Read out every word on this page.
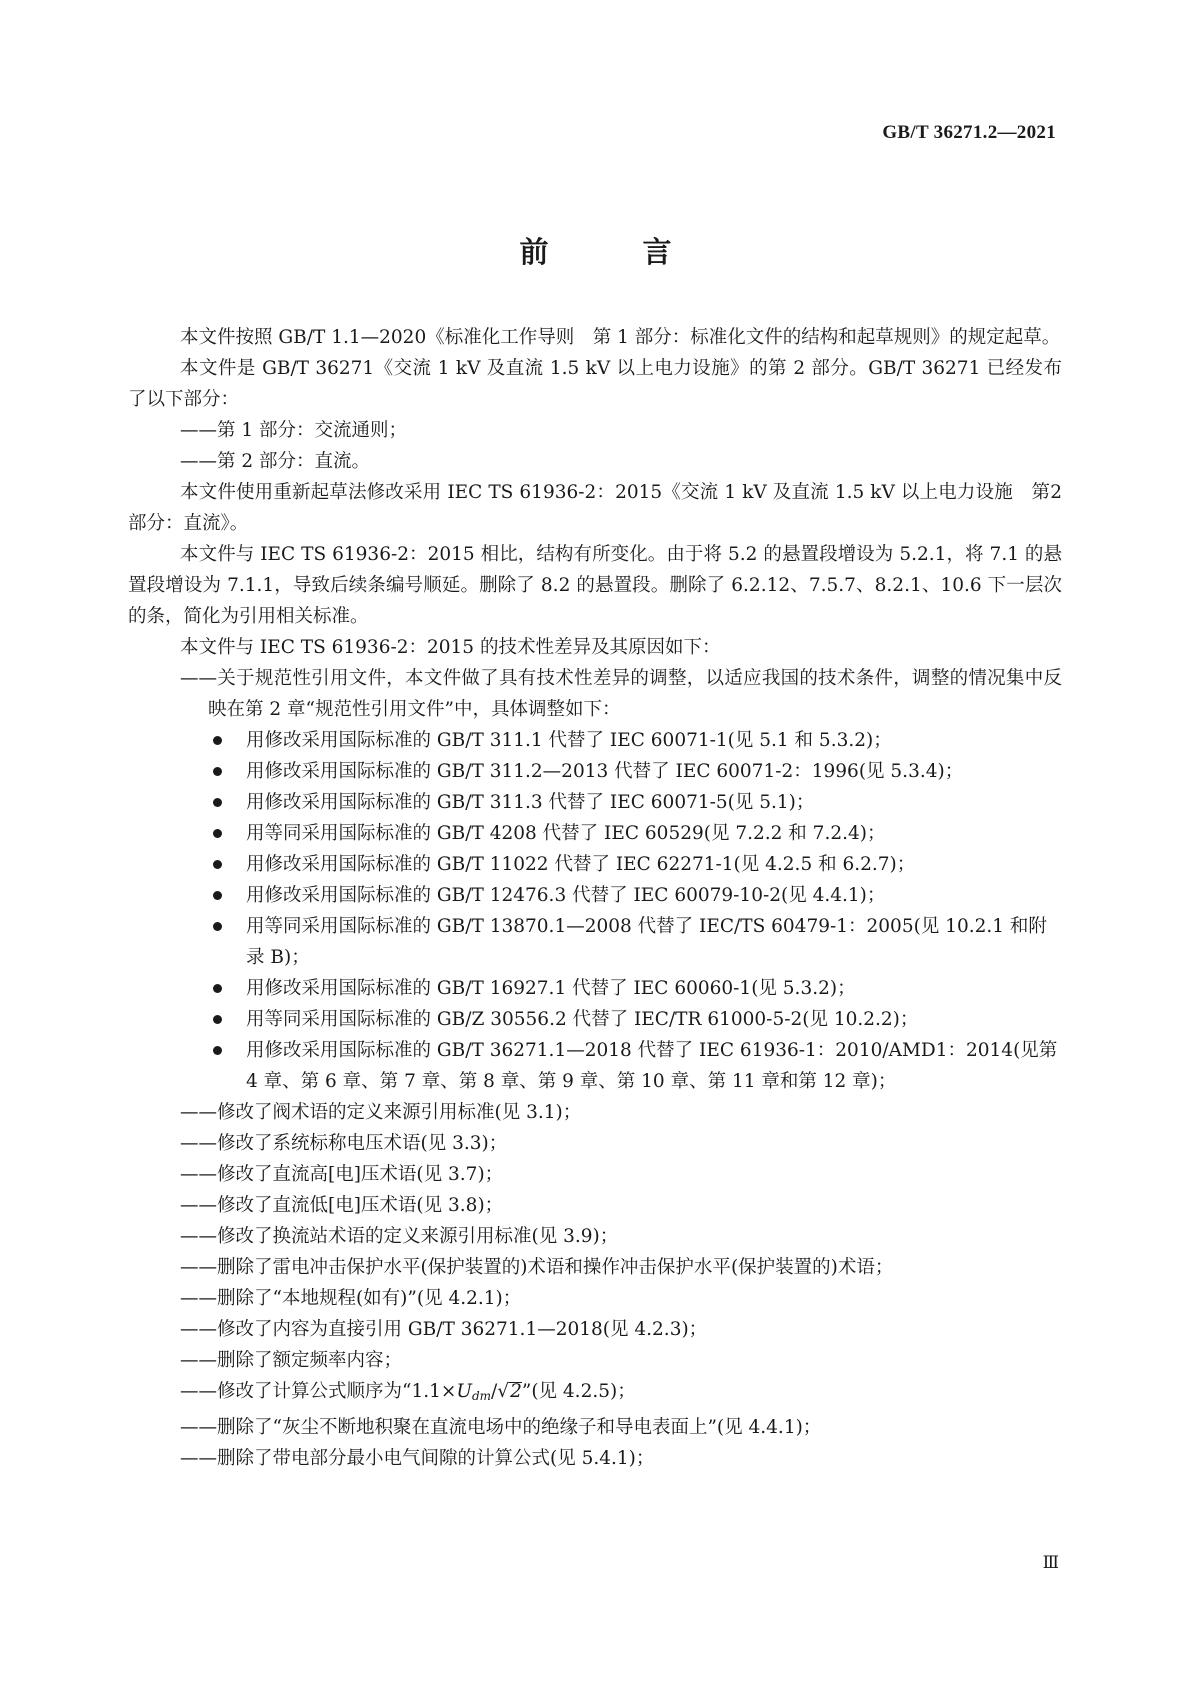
GB/T 36271.2—2021
前 言

本文件按照 GB/T 1.1—2020《标准化工作导则　第 1 部分：标准化文件的结构和起草规则》的规定起草。

本文件是 GB/T 36271《交流 1 kV 及直流 1.5 kV 以上电力设施》的第 2 部分。GB/T 36271 已经发布了以下部分：

——第 1 部分：交流通则；

——第 2 部分：直流。

本文件使用重新起草法修改采用 IEC TS 61936-2：2015《交流 1 kV 及直流 1.5 kV 以上电力设施　第2 部分：直流》。

本文件与 IEC TS 61936-2：2015 相比，结构有所变化。由于将 5.2 的悬置段增设为 5.2.1，将 7.1 的悬置段增设为 7.1.1，导致后续条编号顺延。删除了 8.2 的悬置段。删除了 6.2.12、7.5.7、8.2.1、10.6 下一层次的条，简化为引用相关标准。

本文件与 IEC TS 61936-2：2015 的技术性差异及其原因如下：

——关于规范性引用文件，本文件做了具有技术性差异的调整，以适应我国的技术条件，调整的情况集中反映在第 2 章“规范性引用文件”中，具体调整如下：

用修改采用国际标准的 GB/T 311.1 代替了 IEC 60071-1(见 5.1 和 5.3.2)；
用修改采用国际标准的 GB/T 311.2—2013 代替了 IEC 60071-2：1996(见 5.3.4)；
用修改采用国际标准的 GB/T 311.3 代替了 IEC 60071-5(见 5.1)；
用等同采用国际标准的 GB/T 4208 代替了 IEC 60529(见 7.2.2 和 7.2.4)；
用修改采用国际标准的 GB/T 11022 代替了 IEC 62271-1(见 4.2.5 和 6.2.7)；
用修改采用国际标准的 GB/T 12476.3 代替了 IEC 60079-10-2(见 4.4.1)；
用等同采用国际标准的 GB/T 13870.1—2008 代替了 IEC/TS 60479-1：2005(见 10.2.1 和附录 B)；
用修改采用国际标准的 GB/T 16927.1 代替了 IEC 60060-1(见 5.3.2)；
用等同采用国际标准的 GB/Z 30556.2 代替了 IEC/TR 61000-5-2(见 10.2.2)；
用修改采用国际标准的 GB/T 36271.1—2018 代替了 IEC 61936-1：2010/AMD1：2014(见第 4 章、第 6 章、第 7 章、第 8 章、第 9 章、第 10 章、第 11 章和第 12 章)；

——修改了阀术语的定义来源引用标准(见 3.1)；

——修改了系统标称电压术语(见 3.3)；

——修改了直流高[电]压术语(见 3.7)；

——修改了直流低[电]压术语(见 3.8)；

——修改了换流站术语的定义来源引用标准(见 3.9)；

——删除了雷电冲击保护水平(保护装置的)术语和操作冲击保护水平(保护装置的)术语；

——删除了“本地规程(如有)”(见 4.2.1)；

——修改了内容为直接引用 GB/T 36271.1—2018(见 4.2.3)；

——删除了额定频率内容；

——修改了计算公式顺序为“$1.1\times U_{dm}/√2$”(见 4.2.5)；

——删除了“灰尘不断地积聚在直流电场中的绝缘子和导电表面上”(见 4.4.1)；

——删除了带电部分最小电气间隙的计算公式(见 5.4.1)；

Ⅲ
